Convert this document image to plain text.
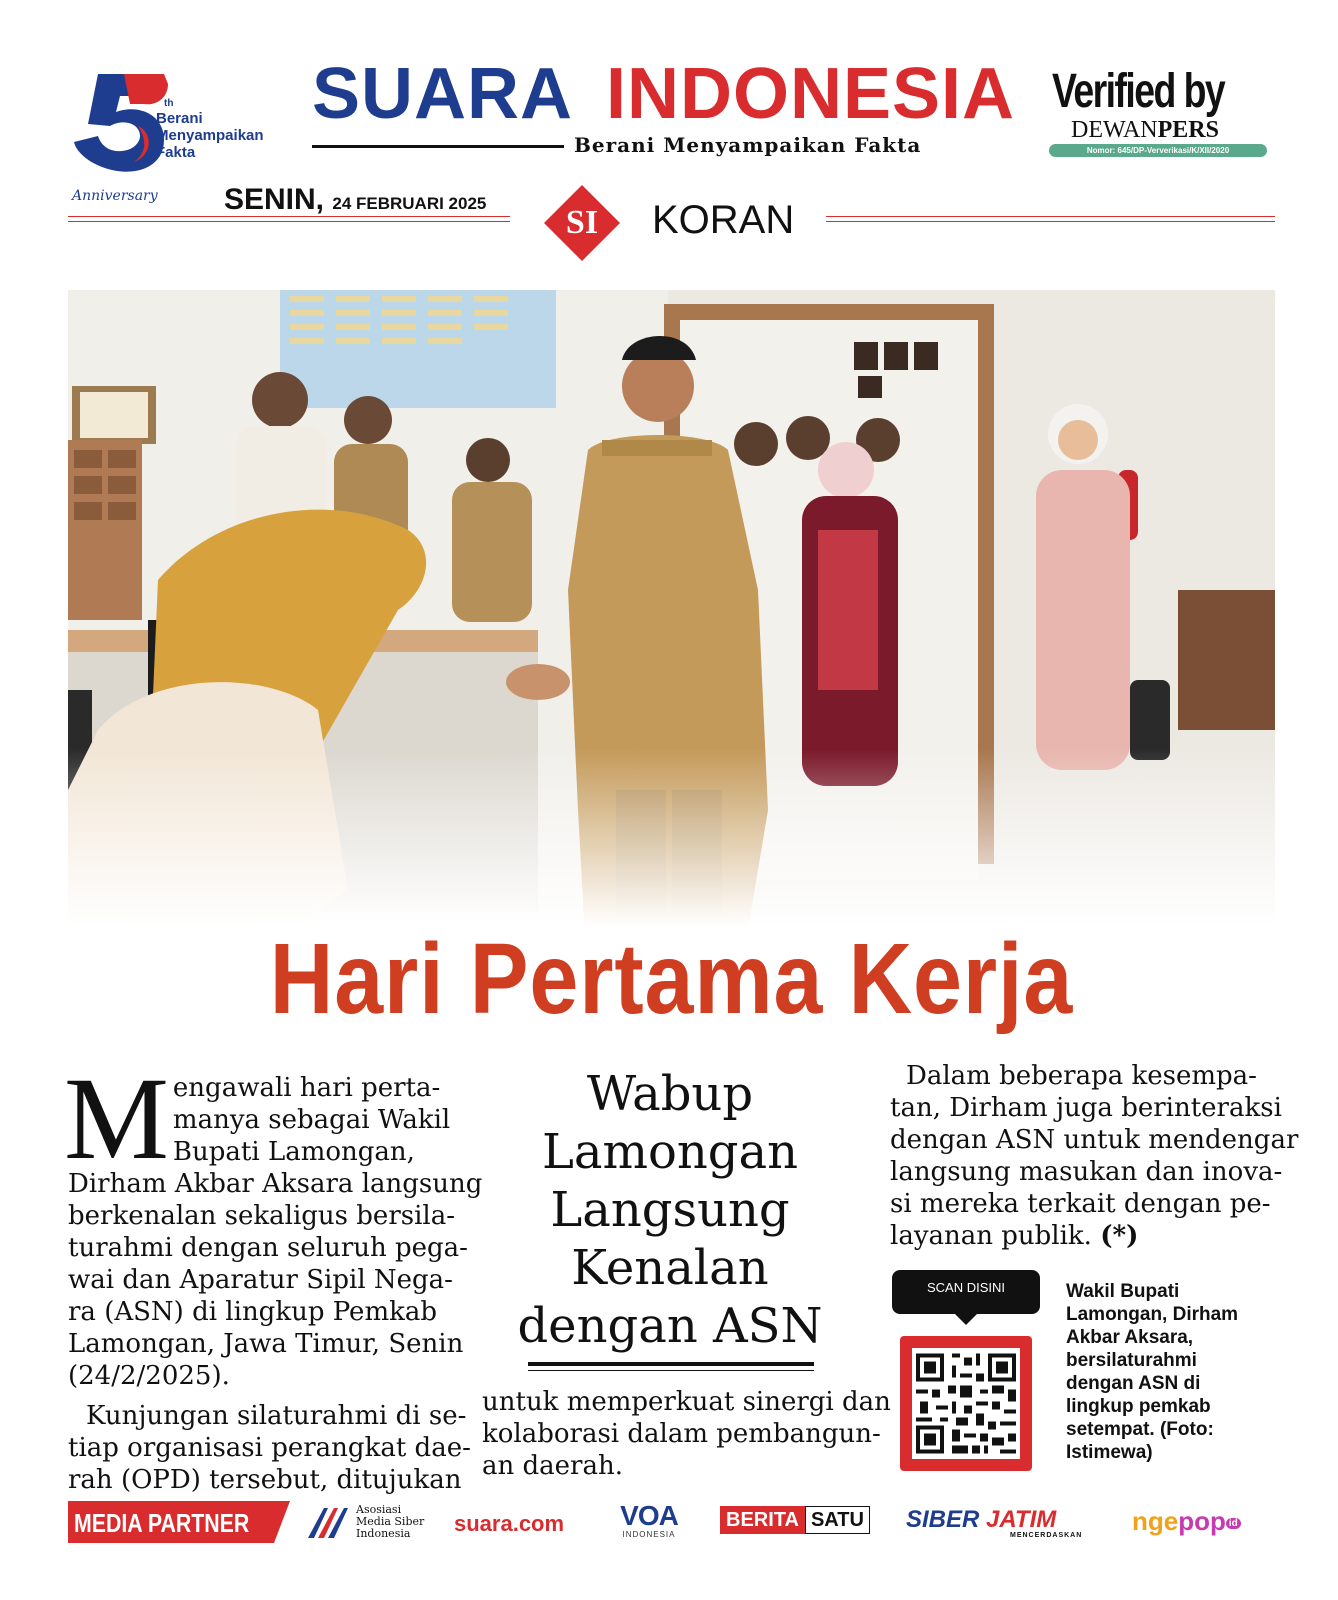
th
Berani
Menyampaikan
Fakta
Anniversary
SUARA INDONESIA
Berani Menyampaikan Fakta
Verified by
DEWANPERS
Nomor: 645/DP-Ververikasi/K/XII/2020
SENIN, 24 FEBRUARI 2025
SI KORAN
Hari Pertama Kerja
M engawali hari perta-
manya sebagai Wakil
Bupati Lamongan,
Dirham Akbar Aksara langsung
berkenalan sekaligus bersila-
turahmi dengan seluruh pega-
wai dan Aparatur Sipil Nega-
ra (ASN) di lingkup Pemkab
Lamongan, Jawa Timur, Senin
(24/2/2025).
Kunjungan silaturahmi di se-
tiap organisasi perangkat dae-
rah (OPD) tersebut, ditujukan
Wabup
Lamongan
Langsung
Kenalan
dengan ASN
untuk memperkuat sinergi dan
kolaborasi dalam pembangun-
an daerah.
Dalam beberapa kesempa-
tan, Dirham juga berinteraksi
dengan ASN untuk mendengar
langsung masukan dan inova-
si mereka terkait dengan pe-
layanan publik. (*)
SCAN DISINI	Wakil Bupati Lamongan, Dirham Akbar Aksara, bersilaturahmi dengan ASN di lingkup pemkab setempat. (Foto: Istimewa)
MEDIA PARTNER	Asosiasi
Media Siber
Indonesia	suara.com VOA
INDONESIA
BERITA SATU SIBER JATIM
MENCERDASKAN ngepop id
